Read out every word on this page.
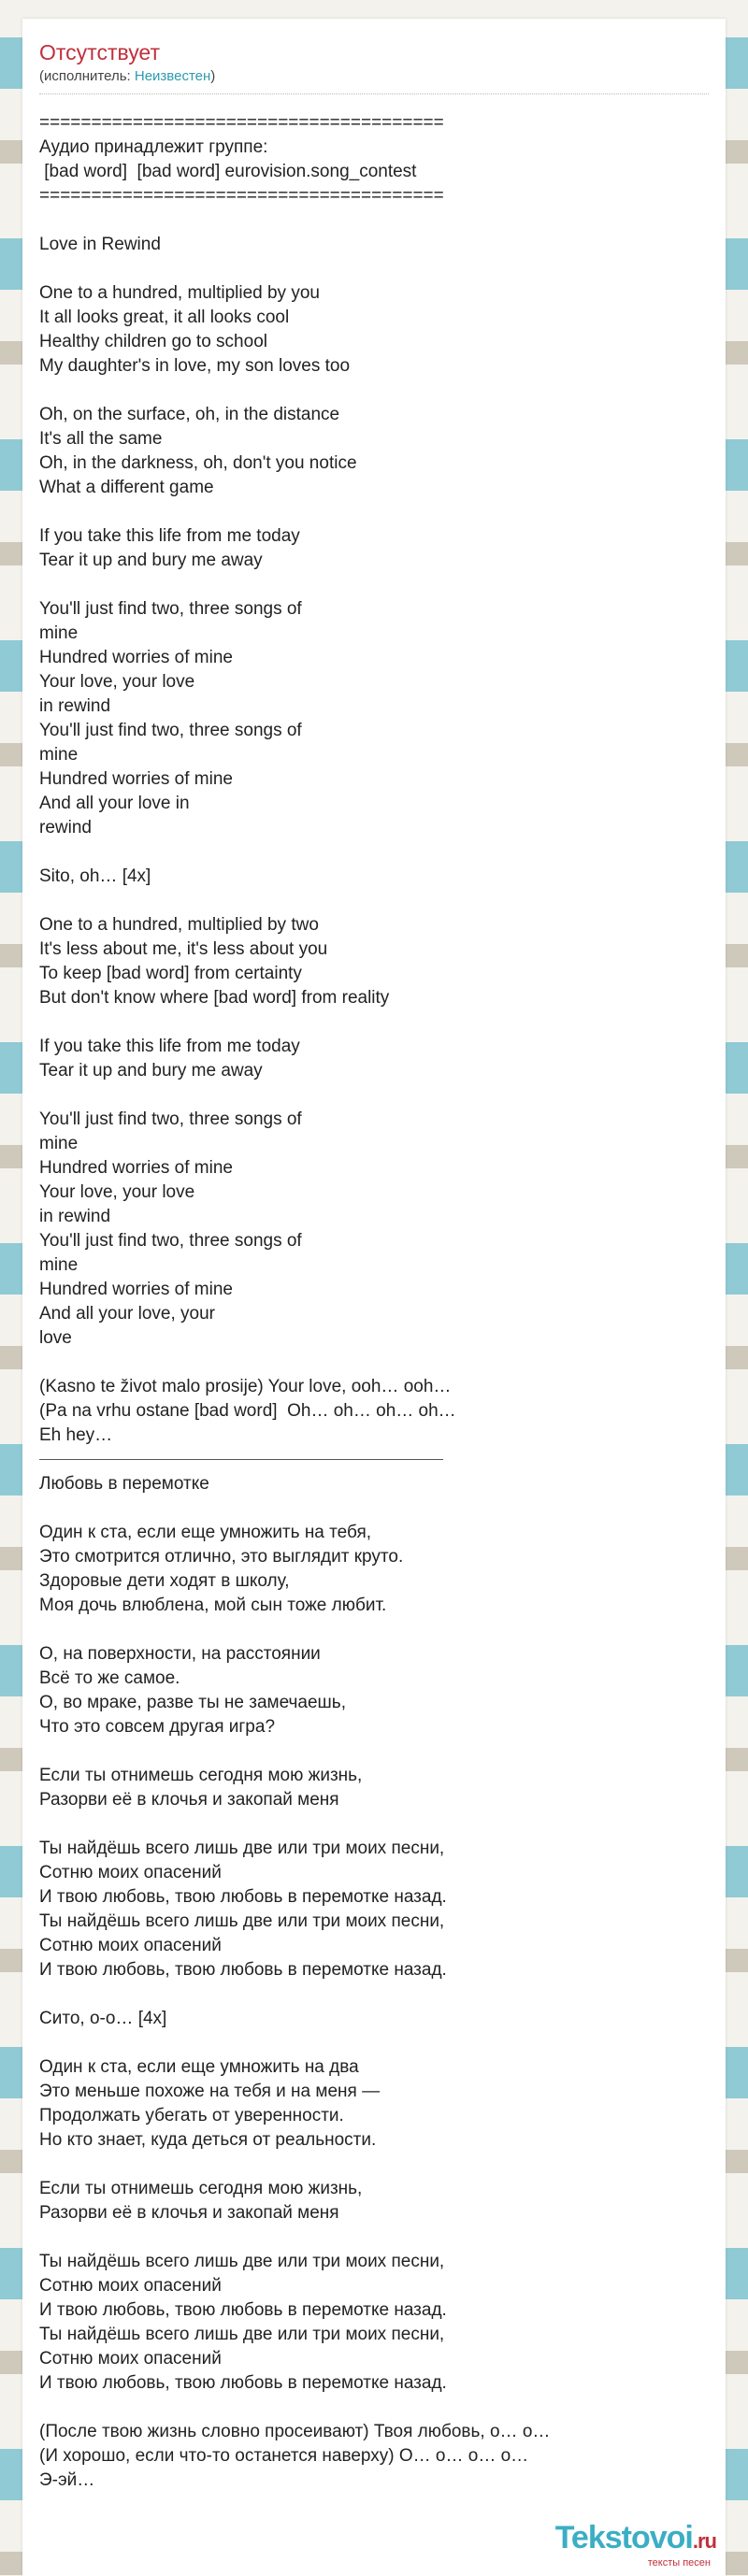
Отсутствует
(исполнитель: Неизвестен)
=======================================
Аудио принадлежит группе:
[bad word]  [bad word] eurovision.song_contest
=======================================
Love in Rewind
One to a hundred, multiplied by you
It all looks great, it all looks cool
Healthy children go to school
My daughter's in love, my son loves too
Oh, on the surface, oh, in the distance
It's all the same
Oh, in the darkness, oh, don't you notice
What a different game
If you take this life from me today
Tear it up and bury me away
You'll just find two, three songs of
mine
Hundred worries of mine
Your love, your love
in rewind
You'll just find two, three songs of
mine
Hundred worries of mine
And all your love in
rewind
Sito, oh… [4x]
One to a hundred, multiplied by two
It's less about me, it's less about you
To keep [bad word] from certainty
But don't know where [bad word] from reality
If you take this life from me today
Tear it up and bury me away
You'll just find two, three songs of
mine
Hundred worries of mine
Your love, your love
in rewind
You'll just find two, three songs of
mine
Hundred worries of mine
And all your love, your
love
(Kasno te život malo prosije) Your love, ooh… ooh…
(Pa na vrhu ostane [bad word]  Oh… oh… oh… oh…
Eh hey…
Любовь в перемотке
Один к ста, если еще умножить на тебя,
Это смотрится отлично, это выглядит круто.
Здоровые дети ходят в школу,
Моя дочь влюблена, мой сын тоже любит.
О, на поверхности, на расстоянии
Всё то же самое.
О, во мраке, разве ты не замечаешь,
Что это совсем другая игра?
Если ты отнимешь сегодня мою жизнь,
Разорви её в клочья и закопай меня
Ты найдёшь всего лишь две или три моих песни,
Сотню моих опасений
И твою любовь, твою любовь в перемотке назад.
Ты найдёшь всего лишь две или три моих песни,
Сотню моих опасений
И твою любовь, твою любовь в перемотке назад.
Сито, о-о… [4x]
Один к ста, если еще умножить на два
Это меньше похоже на тебя и на меня —
Продолжать убегать от уверенности.
Но кто знает, куда деться от реальности.
Если ты отнимешь сегодня мою жизнь,
Разорви её в клочья и закопай меня
Ты найдёшь всего лишь две или три моих песни,
Сотню моих опасений
И твою любовь, твою любовь в перемотке назад.
Ты найдёшь всего лишь две или три моих песни,
Сотню моих опасений
И твою любовь, твою любовь в перемотке назад.
(После твою жизнь словно просеивают) Твоя любовь, о… о…
(И хорошо, если что-то останется наверху) О… о… о… о…
Э-эй…
Tekstovoi.ru
тексты песен
